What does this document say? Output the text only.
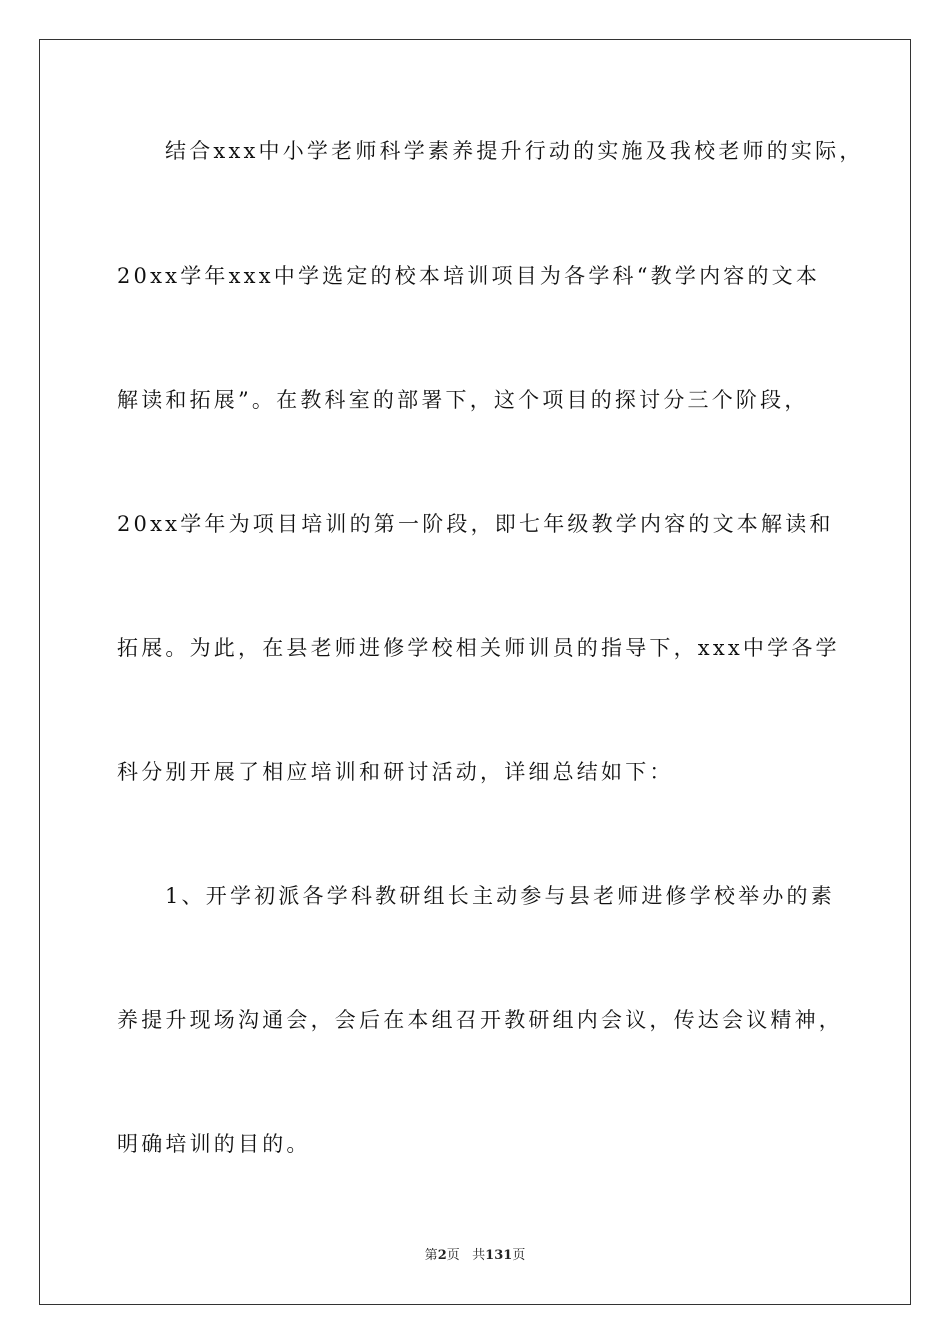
结合xxx中小学老师科学素养提升行动的实施及我校老师的实际，
20xx学年xxx中学选定的校本培训项目为各学科“教学内容的文本
解读和拓展”。在教科室的部署下，这个项目的探讨分三个阶段，
20xx学年为项目培训的第一阶段，即七年级教学内容的文本解读和
拓展。为此，在县老师进修学校相关师训员的指导下，xxx中学各学
科分别开展了相应培训和研讨活动，详细总结如下：
1、开学初派各学科教研组长主动参与县老师进修学校举办的素
养提升现场沟通会，会后在本组召开教研组内会议，传达会议精神，
明确培训的目的。
第2页 共131页
